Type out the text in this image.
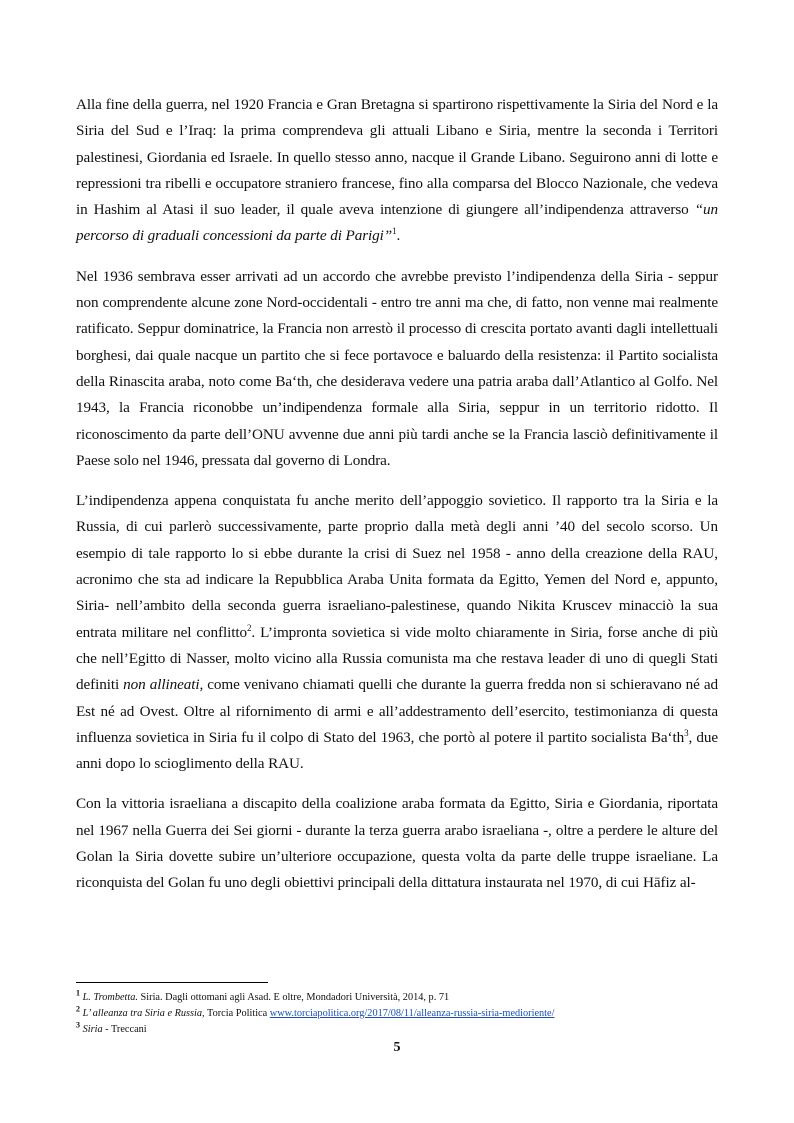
Alla fine della guerra, nel 1920 Francia e Gran Bretagna si spartirono rispettivamente la Siria del Nord e la Siria del Sud e l’Iraq: la prima comprendeva gli attuali Libano e Siria, mentre la seconda i Territori palestinesi, Giordania ed Israele. In quello stesso anno, nacque il Grande Libano. Seguirono anni di lotte e repressioni tra ribelli e occupatore straniero francese, fino alla comparsa del Blocco Nazionale, che vedeva in Hashim al Atasi il suo leader, il quale aveva intenzione di giungere all’indipendenza attraverso “un percorso di graduali concessioni da parte di Parigi”$^1$.

Nel 1936 sembrava esser arrivati ad un accordo che avrebbe previsto l’indipendenza della Siria - seppur non comprendente alcune zone Nord-occidentali - entro tre anni ma che, di fatto, non venne mai realmente ratificato. Seppur dominatrice, la Francia non arrestò il processo di crescita portato avanti dagli intellettuali borghesi, dai quale nacque un partito che si fece portavoce e baluardo della resistenza: il Partito socialista della Rinascita araba, noto come Ba‘th, che desiderava vedere una patria araba dall’Atlantico al Golfo. Nel 1943, la Francia riconobbe un’indipendenza formale alla Siria, seppur in un territorio ridotto. Il riconoscimento da parte dell’ONU avvenne due anni più tardi anche se la Francia lasciò definitivamente il Paese solo nel 1946, pressata dal governo di Londra.

L’indipendenza appena conquistata fu anche merito dell’appoggio sovietico. Il rapporto tra la Siria e la Russia, di cui parlerò successivamente, parte proprio dalla metà degli anni ’40 del secolo scorso. Un esempio di tale rapporto lo si ebbe durante la crisi di Suez nel 1958 - anno della creazione della RAU, acronimo che sta ad indicare la Repubblica Araba Unita formata da Egitto, Yemen del Nord e, appunto, Siria- nell’ambito della seconda guerra israeliano-palestinese, quando Nikita Kruscev minacciò la sua entrata militare nel conflitto$^2$. L’impronta sovietica si vide molto chiaramente in Siria, forse anche di più che nell’Egitto di Nasser, molto vicino alla Russia comunista ma che restava leader di uno di quegli Stati definiti non allineati, come venivano chiamati quelli che durante la guerra fredda non si schieravano né ad Est né ad Ovest. Oltre al rifornimento di armi e all’addestramento dell’esercito, testimonianza di questa influenza sovietica in Siria fu il colpo di Stato del 1963, che portò al potere il partito socialista $Ba‘th^3$, due anni dopo lo scioglimento della RAU.

Con la vittoria israeliana a discapito della coalizione araba formata da Egitto, Siria e Giordania, riportata nel 1967 nella Guerra dei Sei giorni - durante la terza guerra arabo israeliana -, oltre a perdere le alture del Golan la Siria dovette subire un’ulteriore occupazione, questa volta da parte delle truppe israeliane. La riconquista del Golan fu uno degli obiettivi principali della dittatura instaurata nel 1970, di cui Hāfiz al-

$^1$ L. Trombetta. Siria. Dagli ottomani agli Asad. E oltre, Mondadori Università, 2014, p. 71

$^2$ L’ alleanza tra Siria e Russia, Torcia Politica www.torciapolitica.org/2017/08/11/alleanza-russia-siria-medioriente/

$^3$ Siria - Treccani

5
